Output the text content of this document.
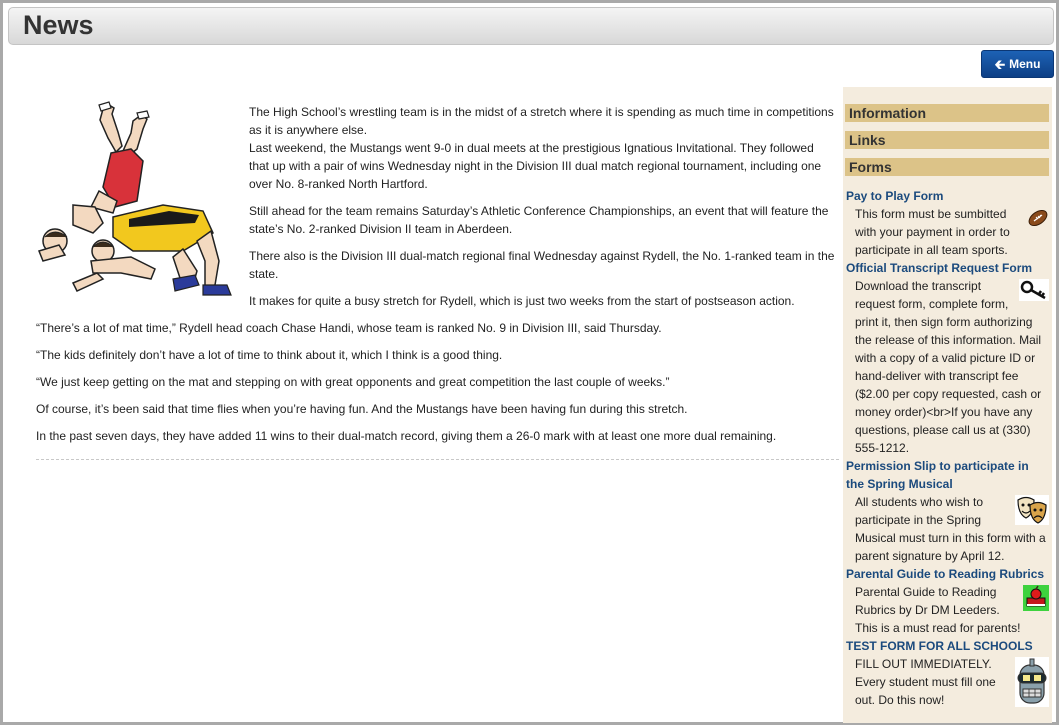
News
🡰 Menu

The High School’s wrestling team is in the midst of a stretch where it is spending as much time in competitions as it is anywhere else.

Last weekend, the Mustangs went 9-0 in dual meets at the prestigious Ignatious Invitational. They followed that up with a pair of wins Wednesday night in the Division III dual match regional tournament, including one over No. 8-ranked North Hartford.

Still ahead for the team remains Saturday’s Athletic Conference Championships, an event that will feature the state’s No. 2-ranked Division II team in Aberdeen.

There also is the Division III dual-match regional final Wednesday against Rydell, the No. 1-ranked team in the state.

It makes for quite a busy stretch for Rydell, which is just two weeks from the start of postseason action.

“There’s a lot of mat time,” Rydell head coach Chase Handi, whose team is ranked No. 9 in Division III, said Thursday.

“The kids definitely don’t have a lot of time to think about it, which I think is a good thing.

“We just keep getting on the mat and stepping on with great opponents and great competition the last couple of weeks.”

Of course, it’s been said that time flies when you’re having fun. And the Mustangs have been having fun during this stretch.

In the past seven days, they have added 11 wins to their dual-match record, giving them a 26-0 mark with at least one more dual remaining.

Information
Links
Forms
Pay to Play Form
This form must be sumbitted with your payment in order to participate in all team sports.
Official Transcript Request Form
Download the transcript request form, complete form, print it, then sign form authorizing the release of this information. Mail with a copy of a valid picture ID or hand-deliver with transcript fee ($2.00 per copy requested, cash or money order)<br>If you have any questions, please call us at (330) 555-1212.
Permission Slip to participate in the Spring Musical
All students who wish to participate in the Spring Musical must turn in this form with a parent signature by April 12.
Parental Guide to Reading Rubrics
Parental Guide to Reading Rubrics by Dr DM Leeders. This is a must read for parents!
TEST FORM FOR ALL SCHOOLS
FILL OUT IMMEDIATELY. Every student must fill one out. Do this now!
